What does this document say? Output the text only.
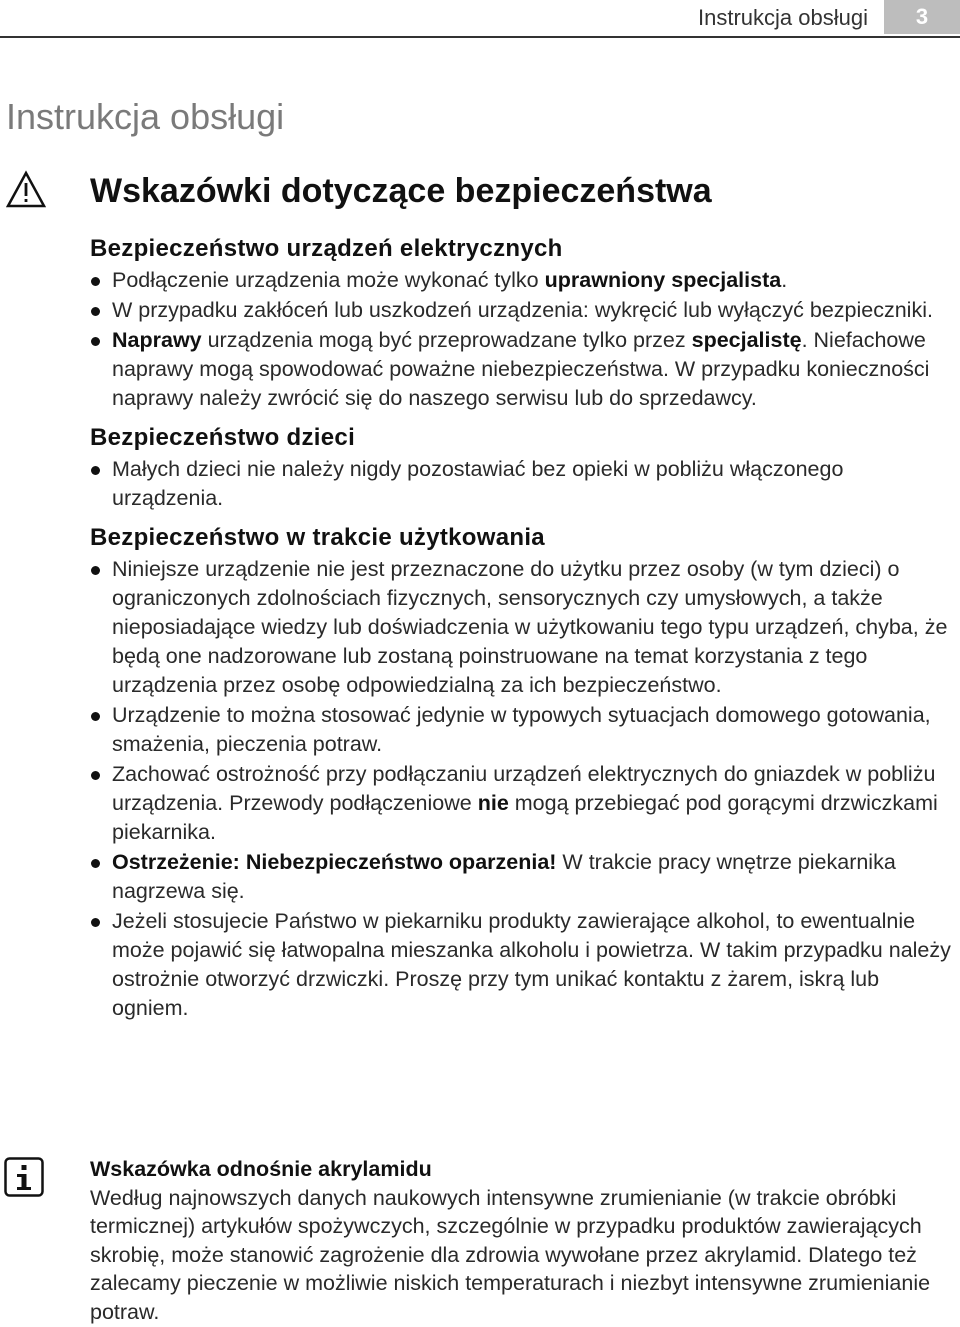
Instrukcja obsługi	3
Instrukcja obsługi
Wskazówki dotyczące bezpieczeństwa
Bezpieczeństwo urządzeń elektrycznych
Podłączenie urządzenia może wykonać tylko uprawniony specjalista.
W przypadku zakłóceń lub uszkodzeń urządzenia: wykręcić lub wyłączyć bezpieczniki.
Naprawy urządzenia mogą być przeprowadzane tylko przez specjalistę. Niefachowe naprawy mogą spowodować poważne niebezpieczeństwa. W przypadku konieczności naprawy należy zwrócić się do naszego serwisu lub do sprzedawcy.
Bezpieczeństwo dzieci
Małych dzieci nie należy nigdy pozostawiać bez opieki w pobliżu włączonego urządzenia.
Bezpieczeństwo w trakcie użytkowania
Niniejsze urządzenie nie jest przeznaczone do użytku przez osoby (w tym dzieci) o ograniczonych zdolnościach fizycznych, sensorycznych czy umysłowych, a także nieposiadające wiedzy lub doświadczenia w użytkowaniu tego typu urządzeń, chyba, że będą one nadzorowane lub zostaną poinstruowane na temat korzystania z tego urządzenia przez osobę odpowiedzialną za ich bezpieczeństwo.
Urządzenie to można stosować jedynie w typowych sytuacjach domowego gotowania, smażenia, pieczenia potraw.
Zachować ostrożność przy podłączaniu urządzeń elektrycznych do gniazdek w pobliżu urządzenia. Przewody podłączeniowe nie mogą przebiegać pod gorącymi drzwiczkami piekarnika.
Ostrzeżenie: Niebezpieczeństwo oparzenia! W trakcie pracy wnętrze piekarnika nagrzewa się.
Jeżeli stosujecie Państwo w piekarniku produkty zawierające alkohol, to ewentualnie może pojawić się łatwopalna mieszanka alkoholu i powietrza. W takim przypadku należy ostrożnie otworzyć drzwiczki. Proszę przy tym unikać kontaktu z żarem, iskrą lub ogniem.

Wskazówka odnośnie akrylamidu

Według najnowszych danych naukowych intensywne zrumienianie (w trakcie obróbki termicznej) artykułów spożywczych, szczególnie w przypadku produktów zawierających skrobię, może stanowić zagrożenie dla zdrowia wywołane przez akrylamid. Dlatego też zalecamy pieczenie w możliwie niskich temperaturach i niezbyt intensywne zrumienianie potraw.
